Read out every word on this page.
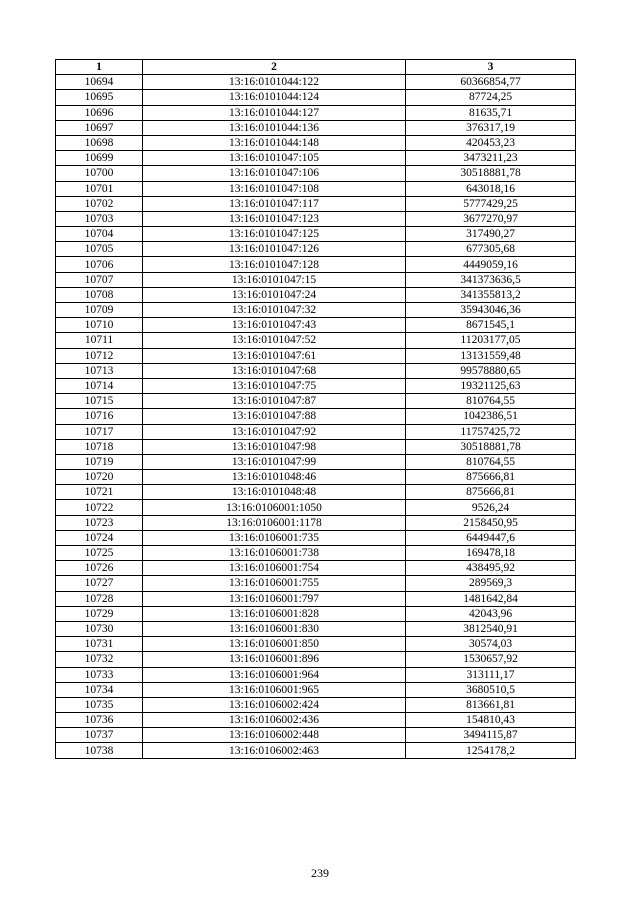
1	2	3
10694	13:16:0101044:122	60366854,77
10695	13:16:0101044:124	87724,25
10696	13:16:0101044:127	81635,71
10697	13:16:0101044:136	376317,19
10698	13:16:0101044:148	420453,23
10699	13:16:0101047:105	3473211,23
10700	13:16:0101047:106	30518881,78
10701	13:16:0101047:108	643018,16
10702	13:16:0101047:117	5777429,25
10703	13:16:0101047:123	3677270,97
10704	13:16:0101047:125	317490,27
10705	13:16:0101047:126	677305,68
10706	13:16:0101047:128	4449059,16
10707	13:16:0101047:15	341373636,5
10708	13:16:0101047:24	341355813,2
10709	13:16:0101047:32	35943046,36
10710	13:16:0101047:43	8671545,1
10711	13:16:0101047:52	11203177,05
10712	13:16:0101047:61	13131559,48
10713	13:16:0101047:68	99578880,65
10714	13:16:0101047:75	19321125,63
10715	13:16:0101047:87	810764,55
10716	13:16:0101047:88	1042386,51
10717	13:16:0101047:92	11757425,72
10718	13:16:0101047:98	30518881,78
10719	13:16:0101047:99	810764,55
10720	13:16:0101048:46	875666,81
10721	13:16:0101048:48	875666,81
10722	13:16:0106001:1050	9526,24
10723	13:16:0106001:1178	2158450,95
10724	13:16:0106001:735	6449447,6
10725	13:16:0106001:738	169478,18
10726	13:16:0106001:754	438495,92
10727	13:16:0106001:755	289569,3
10728	13:16:0106001:797	1481642,84
10729	13:16:0106001:828	42043,96
10730	13:16:0106001:830	3812540,91
10731	13:16:0106001:850	30574,03
10732	13:16:0106001:896	1530657,92
10733	13:16:0106001:964	313111,17
10734	13:16:0106001:965	3680510,5
10735	13:16:0106002:424	813661,81
10736	13:16:0106002:436	154810,43
10737	13:16:0106002:448	3494115,87
10738	13:16:0106002:463	1254178,2
239
